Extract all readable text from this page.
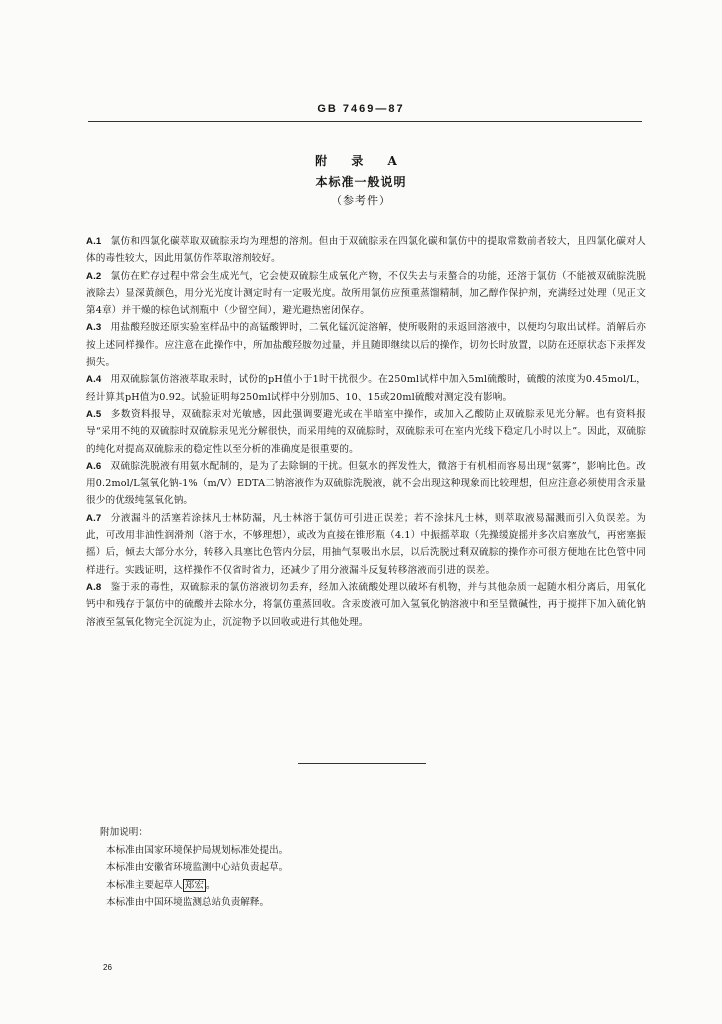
GB 7469—87
附 录 A
本标准一般说明
（参考件）

A.1 氯仿和四氯化碳萃取双硫腙汞均为理想的溶剂。但由于双硫腙汞在四氯化碳和氯仿中的提取常数前者较大，且四氯化碳对人体的毒性较大，因此用氯仿作萃取溶剂较好。

A.2 氯仿在贮存过程中常会生成光气，它会使双硫腙生成氧化产物，不仅失去与汞螯合的功能，还溶于氯仿（不能被双硫腙洗脱液除去）显深黄颜色，用分光光度计测定时有一定吸光度。故所用氯仿应预重蒸馏精制，加乙醇作保护剂，充满经过处理（见正文第4章）并干燥的棕色试剂瓶中（少留空间），避光避热密闭保存。

A.3 用盐酸羟胺还原实验室样品中的高锰酸钾时，二氧化锰沉淀溶解，使所吸附的汞返回溶液中，以便均匀取出试样。消解后亦按上述同样操作。应注意在此操作中，所加盐酸羟胺勿过量，并且随即继续以后的操作，切勿长时放置，以防在还原状态下汞挥发损失。

A.4 用双硫腙氯仿溶液萃取汞时，试份的pH值小于1时干扰很少。在250ml试样中加入5ml硫酸时，硫酸的浓度为0.45mol/L，经计算其pH值为0.92。试验证明每250ml试样中分别加5、10、15或20ml硫酸对测定没有影响。

A.5 多数资料报导，双硫腙汞对光敏感，因此强调要避光或在半暗室中操作，或加入乙酸防止双硫腙汞见光分解。也有资料报导“采用不纯的双硫腙时双硫腙汞见光分解很快，而采用纯的双硫腙时，双硫腙汞可在室内光线下稳定几小时以上”。因此，双硫腙的纯化对提高双硫腙汞的稳定性以至分析的准确度是很重要的。

A.6 双硫腙洗脱液有用氨水配制的，是为了去除铜的干扰。但氨水的挥发性大，微溶于有机相而容易出现“氨雾”，影响比色。改用0.2mol/L氢氧化钠-1%（m/V）EDTA二钠溶液作为双硫腙洗脱液，就不会出现这种现象而比较理想，但应注意必须使用含汞量很少的优级纯氢氧化钠。

A.7 分液漏斗的活塞若涂抹凡士林防漏，凡士林溶于氯仿可引进正误差；若不涂抹凡士林，则萃取液易漏溅而引入负误差。为此，可改用非油性润滑剂（溶于水，不够理想），或改为直接在锥形瓶（4.1）中振摇萃取（先操缓旋摇并多次启塞放气，再密塞振摇）后，倾去大部分水分，转移入具塞比色管内分层，用抽气泵吸出水层，以后洗脱过剩双硫腙的操作亦可很方便地在比色管中同样进行。实践证明，这样操作不仅省时省力，还减少了用分液漏斗反复转移溶液而引进的误差。

A.8 鉴于汞的毒性，双硫腙汞的氯仿溶液切勿丢弃，经加入浓硫酸处理以破坏有机物，并与其他杂质一起随水相分离后，用氧化钙中和残存于氯仿中的硫酸并去除水分，将氯仿重蒸回收。含汞废液可加入氢氧化钠溶液中和至呈微碱性，再于搅拌下加入硫化钠溶液至氢氧化物完全沉淀为止，沉淀物予以回收或进行其他处理。

附加说明：

本标准由国家环境保护局规划标准处提出。

本标准由安徽省环境监测中心站负责起草。

本标准主要起草人 郑宏 。

本标准由中国环境监测总站负责解释。

26
